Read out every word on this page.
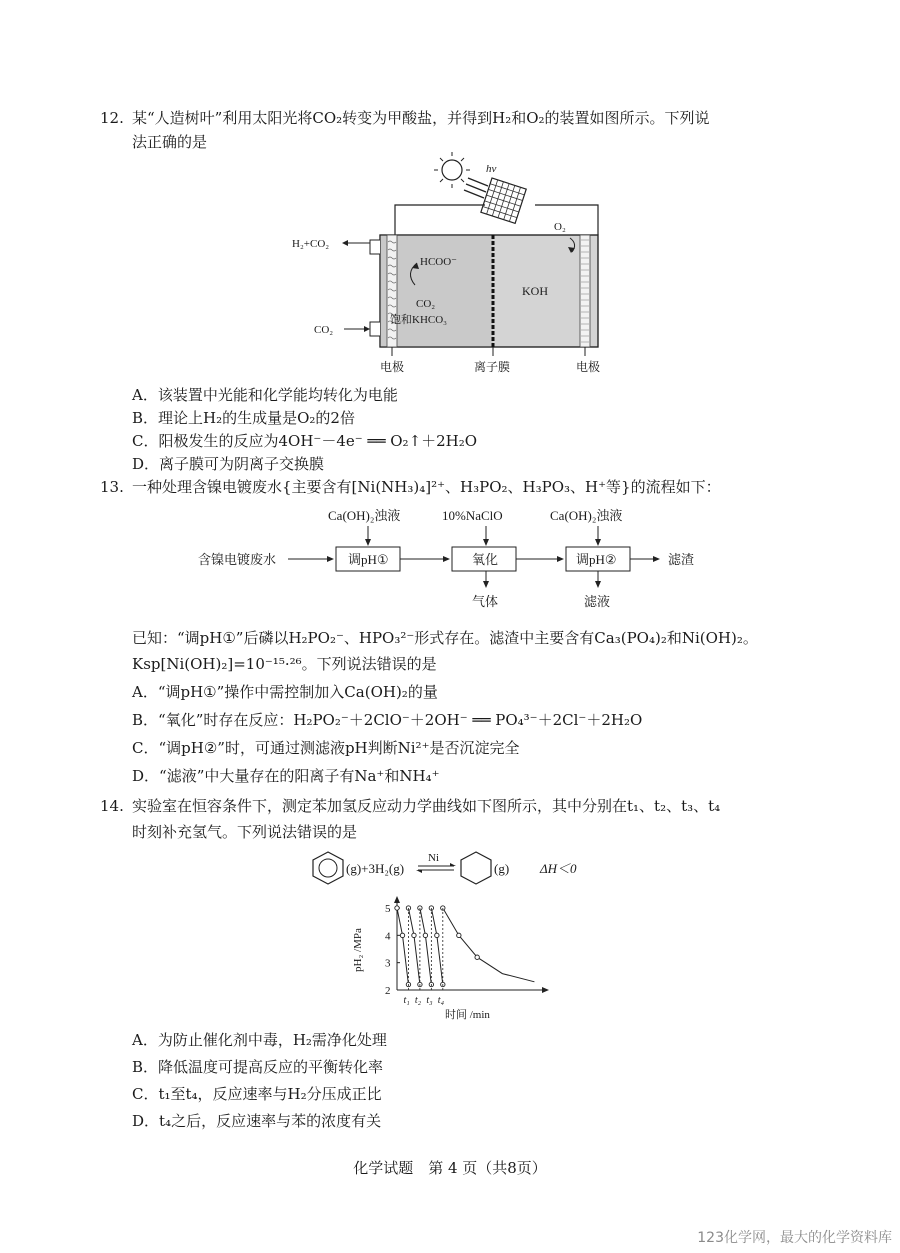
12. 某“人造树叶”利用太阳光将CO₂转变为甲酸盐，并得到H₂和O₂的装置如图所示。下列说
法正确的是
hv
H₂+CO₂
CO₂
HCOO⁻
CO₂
饱和KHCO₃
KOH
O₂
电极	离子膜	电极
A．该装置中光能和化学能均转化为电能
B．理论上H₂的生成量是O₂的2倍
C．阳极发生的反应为4OH⁻－4e⁻ ══ O₂↑＋2H₂O
D．离子膜可为阴离子交换膜
13. 一种处理含镍电镀废水{主要含有[Ni(NH₃)₄]²⁺、H₃PO₂、H₃PO₃、H⁺等}的流程如下：
Ca(OH)₂浊液	10%NaClO	Ca(OH)₂浊液
含镍电镀废水	调pH①	氧化	调pH②	滤渣
气体	滤液
已知：“调pH①”后磷以H₂PO₂⁻、HPO₃²⁻形式存在。滤渣中主要含有Ca₃(PO₄)₂和Ni(OH)₂。
Ksp[Ni(OH)₂]=10⁻¹⁵·²⁶。下列说法错误的是
A．“调pH①”操作中需控制加入Ca(OH)₂的量
B．“氧化”时存在反应：H₂PO₂⁻＋2ClO⁻＋2OH⁻ ══ PO₄³⁻＋2Cl⁻＋2H₂O
C．“调pH②”时，可通过测滤液pH判断Ni²⁺是否沉淀完全
D．“滤液”中大量存在的阳离子有Na⁺和NH₄⁺
14. 实验室在恒容条件下，测定苯加氢反应动力学曲线如下图所示，其中分别在t₁、t₂、t₃、t₄
时刻补充氢气。下列说法错误的是
(g)+3H₂(g)
Ni
(g) ΔH＜0
pH₂ /MPa
时间 /min
2
3
4
5
t₁ t₂ t₃ t₄
A．为防止催化剂中毒，H₂需净化处理
B．降低温度可提高反应的平衡转化率
C．t₁至t₄，反应速率与H₂分压成正比
D．t₄之后，反应速率与苯的浓度有关
化学试题　第 4 页（共8页）
123化学网，最大的化学资料库
